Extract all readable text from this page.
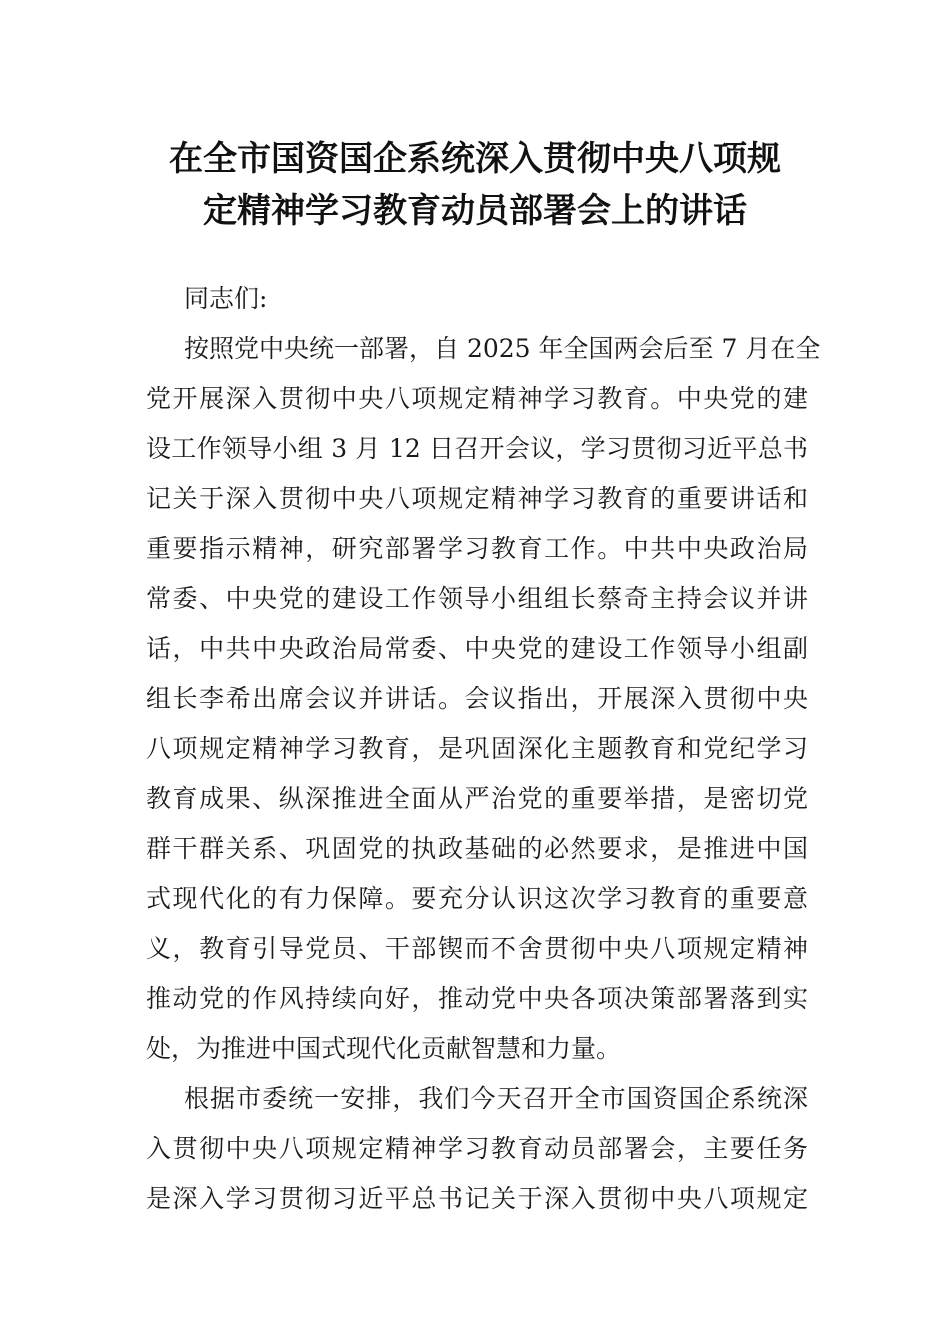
在全市国资国企系统深入贯彻中央八项规
定精神学习教育动员部署会上的讲话
同志们:
按照党中央统一部署，自 2025 年全国两会后至 7 月在全
党开展深入贯彻中央八项规定精神学习教育。中央党的建
设工作领导小组 3 月 12 日召开会议，学习贯彻习近平总书
记关于深入贯彻中央八项规定精神学习教育的重要讲话和
重要指示精神，研究部署学习教育工作。中共中央政治局
常委、中央党的建设工作领导小组组长蔡奇主持会议并讲
话，中共中央政治局常委、中央党的建设工作领导小组副
组长李希出席会议并讲话。会议指出，开展深入贯彻中央
八项规定精神学习教育，是巩固深化主题教育和党纪学习
教育成果、纵深推进全面从严治党的重要举措，是密切党
群干群关系、巩固党的执政基础的必然要求，是推进中国
式现代化的有力保障。要充分认识这次学习教育的重要意
义，教育引导党员、干部锲而不舍贯彻中央八项规定精神
推动党的作风持续向好，推动党中央各项决策部署落到实
处，为推进中国式现代化贡献智慧和力量。
根据市委统一安排，我们今天召开全市国资国企系统深
入贯彻中央八项规定精神学习教育动员部署会，主要任务
是深入学习贯彻习近平总书记关于深入贯彻中央八项规定
